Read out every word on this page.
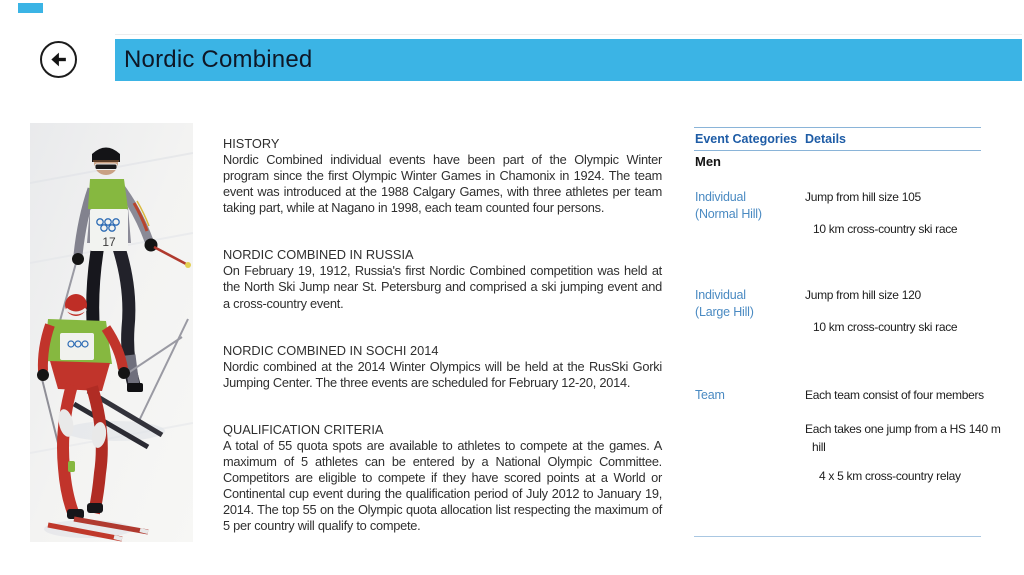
Nordic Combined
17
HISTORY

Nordic Combined individual events have been part of the Olympic Winter program since the first Olympic Winter Games in Chamonix in 1924. The team event was introduced at the 1988 Calgary Games, with three athletes per team taking part, while at Nagano in 1998, each team counted four persons.

NORDIC COMBINED IN RUSSIA

On February 19, 1912, Russia's first Nordic Combined competition was held at the North Ski Jump near St. Petersburg and comprised a ski jumping event and a cross-country event.

NORDIC COMBINED IN SOCHI 2014

Nordic combined at the 2014 Winter Olympics will be held at the RusSki Gorki Jumping Center. The three events are scheduled for February 12-20, 2014.

QUALIFICATION CRITERIA

A total of 55 quota spots are available to athletes to compete at the games. A maximum of 5 athletes can be entered by a National Olympic Committee. Competitors are eligible to compete if they have scored points at a World or Continental cup event during the qualification period of July 2012 to January 19, 2014. The top 55 on the Olympic quota allocation list respecting the maximum of 5 per country will qualify to compete.

Event Categories Details
Men
Individual
(Normal Hill)
Jump from hill size 105
10 km cross-country ski race
Individual
(Large Hill)
Jump from hill size 120
10 km cross-country ski race
Team	Each team consist of four members
Each takes one jump from a HS 140 m
hill
4 x 5 km cross-country relay
